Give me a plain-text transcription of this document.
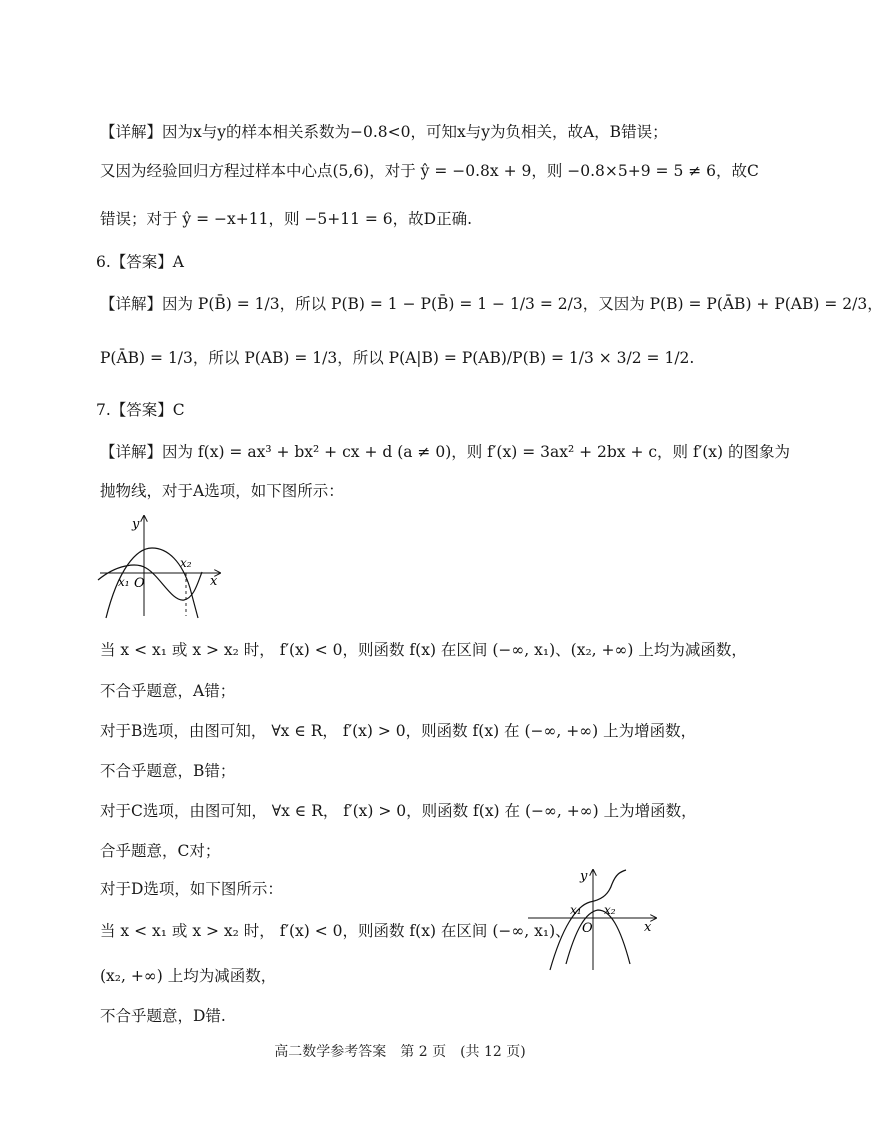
【详解】因为x与y的样本相关系数为−0.8<0，可知x与y为负相关，故A，B错误；
又因为经验回归方程过样本中心点(5,6)，对于 ŷ = −0.8x + 9，则 −0.8×5+9 = 5 ≠ 6，故C
错误；对于 ŷ = −x+11，则 −5+11 = 6，故D正确.
6.【答案】A
【详解】因为 P(B̄) = 1/3，所以 P(B) = 1 − P(B̄) = 1 − 1/3 = 2/3，又因为 P(B) = P(ĀB) + P(AB) = 2/3，
P(ĀB) = 1/3，所以 P(AB) = 1/3，所以 P(A|B) = P(AB)/P(B) = 1/3 × 3/2 = 1/2.
7.【答案】C
【详解】因为 f(x) = ax³ + bx² + cx + d (a ≠ 0)，则 f′(x) = 3ax² + 2bx + c，则 f′(x) 的图象为
抛物线，对于A选项，如下图所示：
y
x
x₁ O
x₂
当 x < x₁ 或 x > x₂ 时， f′(x) < 0，则函数 f(x) 在区间 (−∞, x₁)、(x₂, +∞) 上均为减函数，
不合乎题意，A错；
对于B选项，由图可知， ∀x ∈ R， f′(x) > 0，则函数 f(x) 在 (−∞, +∞) 上为增函数，
不合乎题意，B错；
对于C选项，由图可知， ∀x ∈ R， f′(x) > 0，则函数 f(x) 在 (−∞, +∞) 上为增函数，
合乎题意，C对；
对于D选项，如下图所示：
当 x < x₁ 或 x > x₂ 时， f′(x) < 0，则函数 f(x) 在区间 (−∞, x₁)、
(x₂, +∞) 上均为减函数，
不合乎题意，D错.
y
x
x₁
O
x₂
高二数学参考答案　第 2 页　(共 12 页)
